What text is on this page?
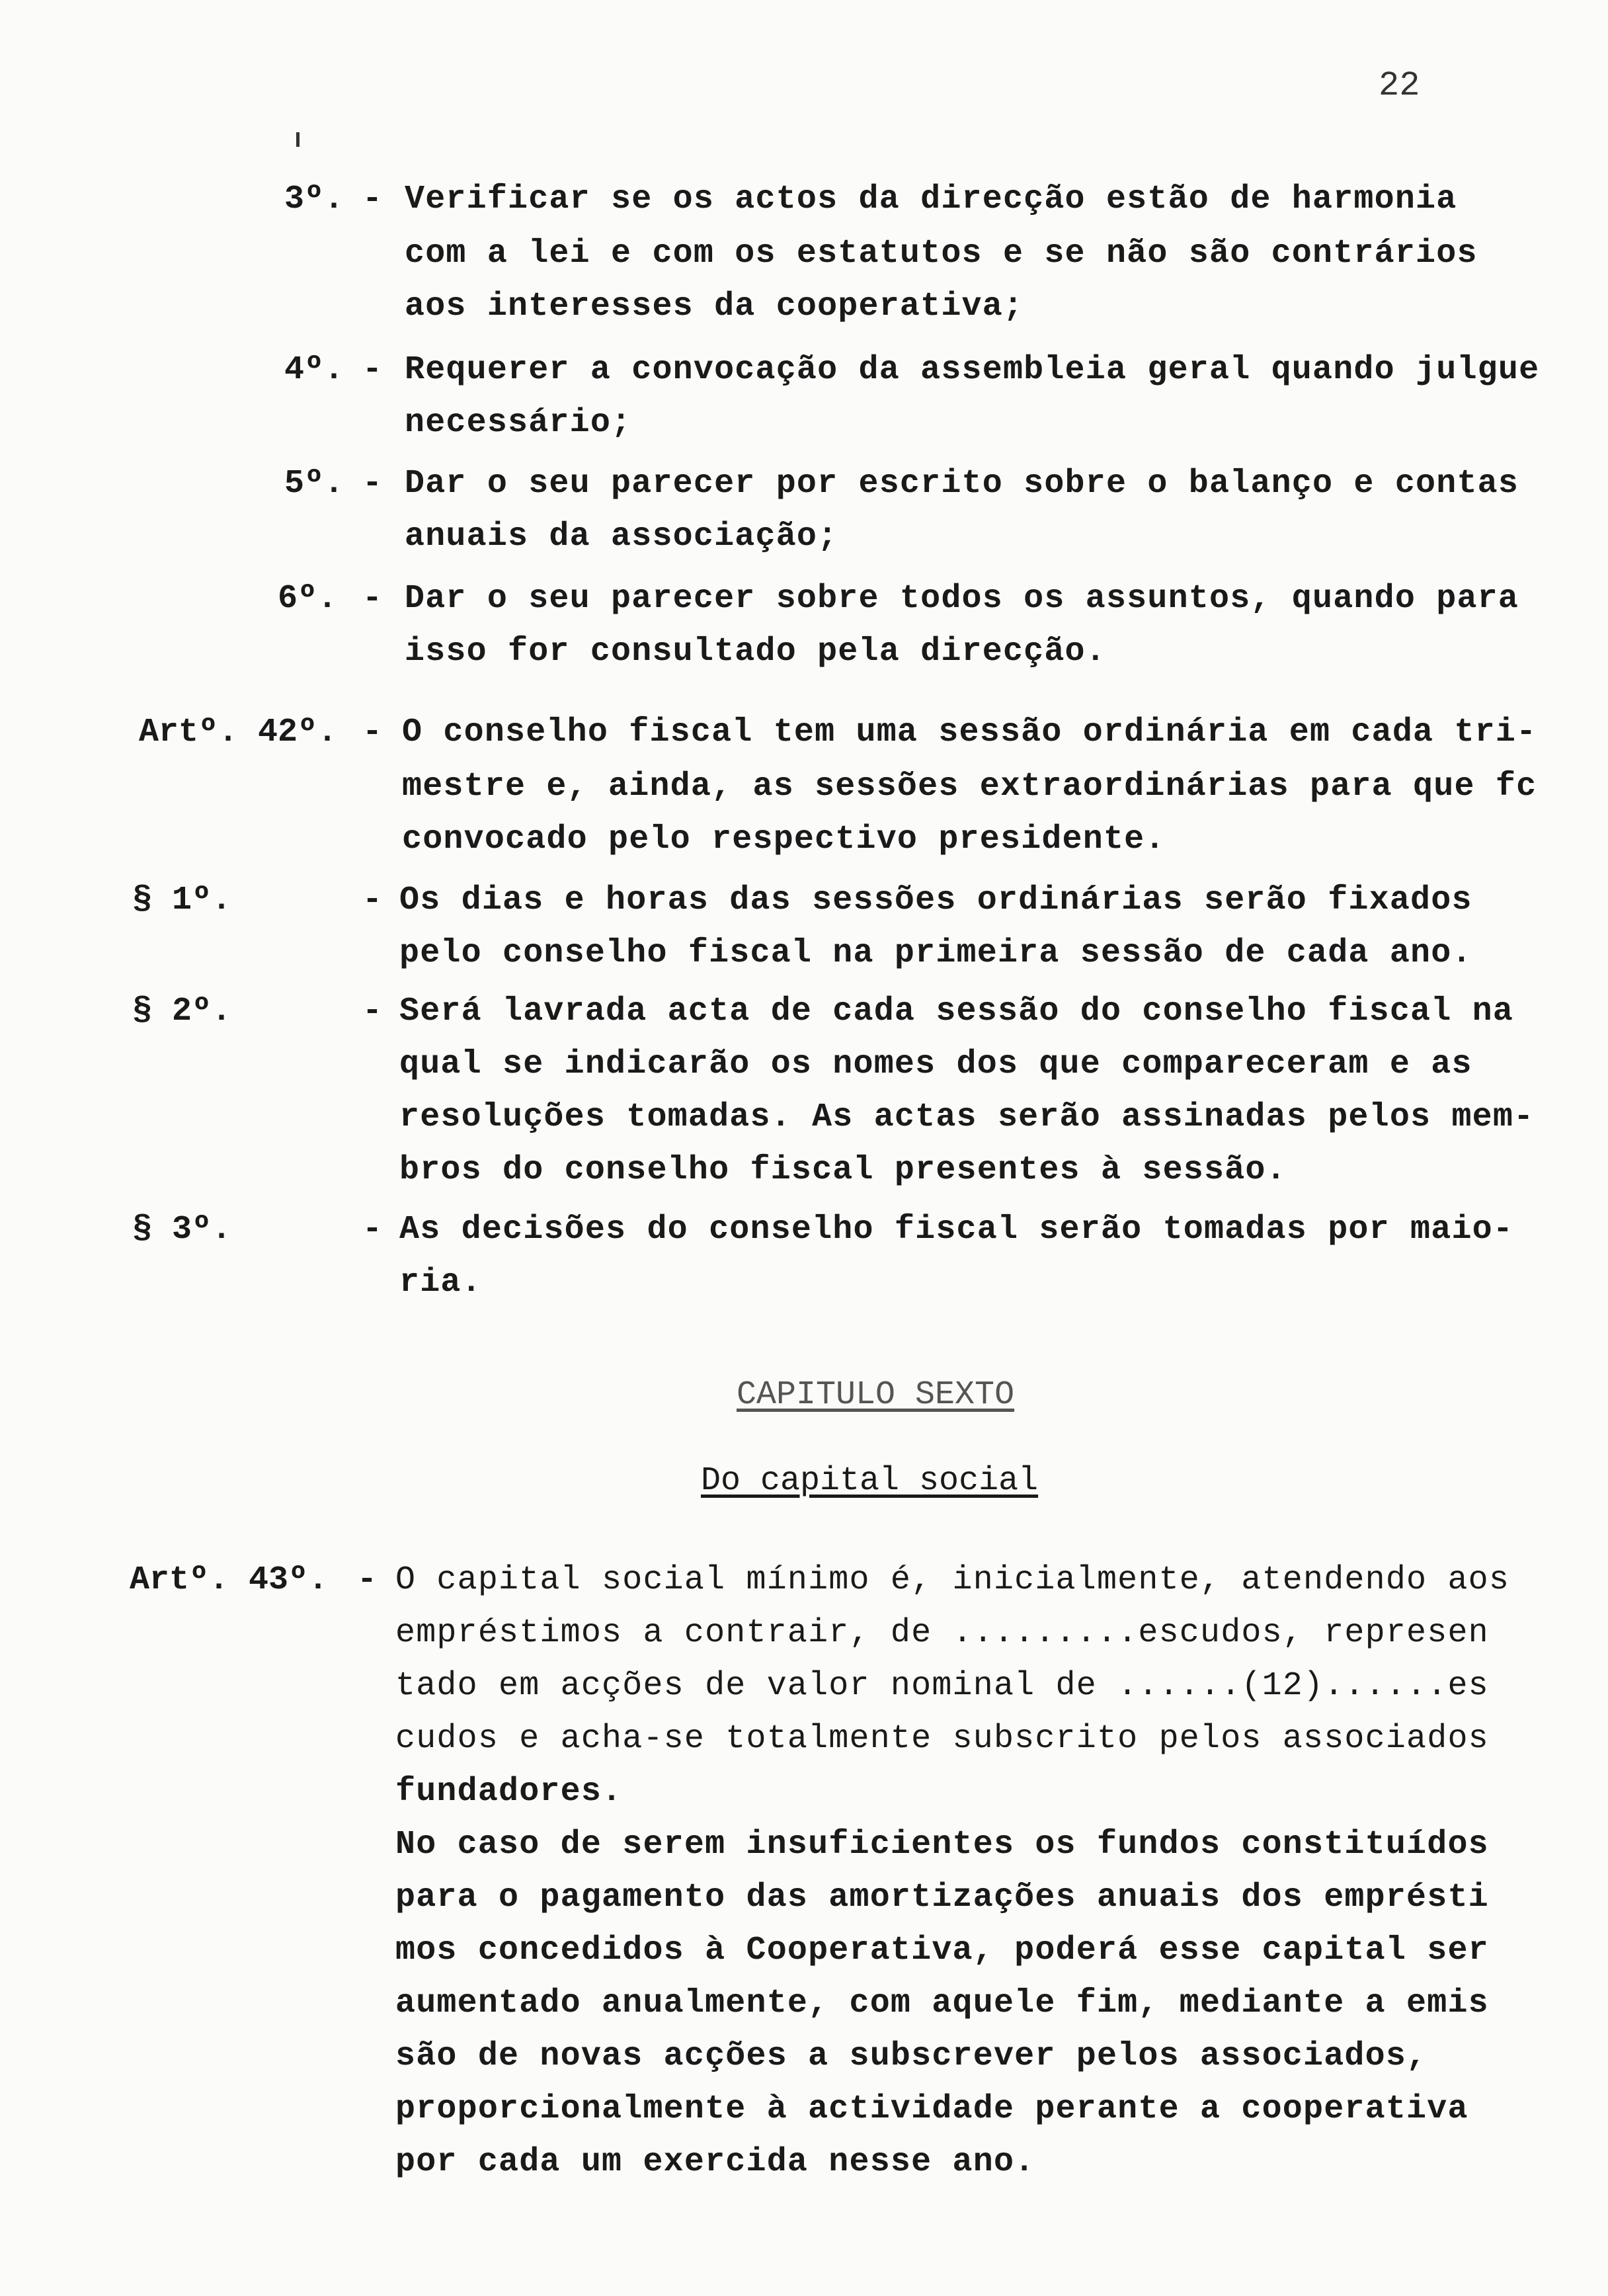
22
3º. - Verificar se os actos da direcção estão de harmonia
com a lei e com os estatutos e se não são contrários
aos interesses da cooperativa;
4º. - Requerer a convocação da assembleia geral quando julgue
necessário;
5º. - Dar o seu parecer por escrito sobre o balanço e contas
anuais da associação;
6º. - Dar o seu parecer sobre todos os assuntos, quando para
isso for consultado pela direcção.
Artº. 42º. - O conselho fiscal tem uma sessão ordinária em cada tri-
mestre e, ainda, as sessões extraordinárias para que fc
convocado pelo respectivo presidente.
§ 1º.	- Os dias e horas das sessões ordinárias serão fixados
pelo conselho fiscal na primeira sessão de cada ano.
§ 2º.	- Será lavrada acta de cada sessão do conselho fiscal na
qual se indicarão os nomes dos que compareceram e as
resoluções tomadas. As actas serão assinadas pelos mem-
bros do conselho fiscal presentes à sessão.
§ 3º.	- As decisões do conselho fiscal serão tomadas por maio-
ria.
CAPITULO SEXTO
Do capital social
Artº. 43º. - O capital social mínimo é, inicialmente, atendendo aos
empréstimos a contrair, de .........escudos, represen
tado em acções de valor nominal de ......(12)......es
cudos e acha-se totalmente subscrito pelos associados
fundadores.
No caso de serem insuficientes os fundos constituídos
para o pagamento das amortizações anuais dos emprésti
mos concedidos à Cooperativa, poderá esse capital ser
aumentado anualmente, com aquele fim, mediante a emis
são de novas acções a subscrever pelos associados,
proporcionalmente à actividade perante a cooperativa
por cada um exercida nesse ano.
